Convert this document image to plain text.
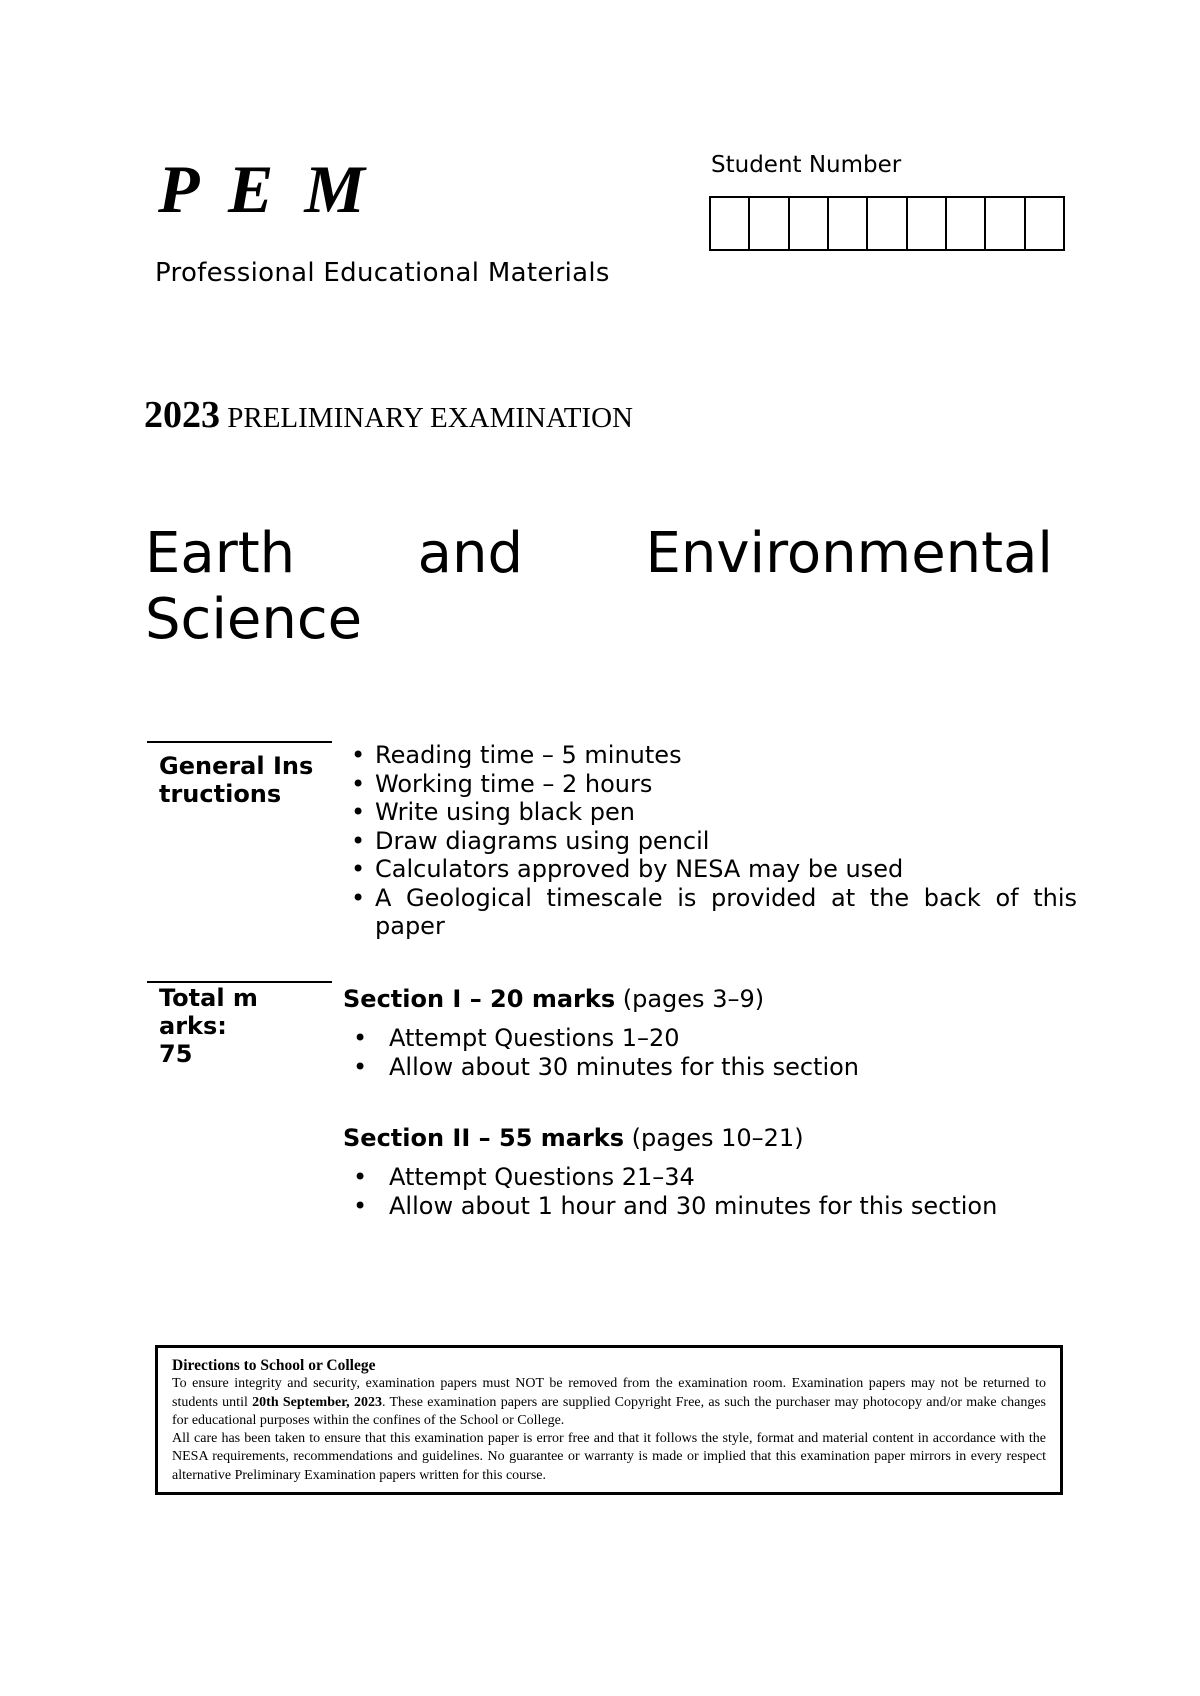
P E M
Professional Educational Materials
Student Number
2023 PRELIMINARY EXAMINATION
Earth and Environmental
Science
General Instructions
• Reading time – 5 minutes
• Working time – 2 hours
• Write using black pen
• Draw diagrams using pencil
• Calculators approved by NESA may be used
• A Geological timescale is provided at the back of this paper
Total marks:
75
Section I – 20 marks (pages 3–9)
• Attempt Questions 1–20
• Allow about 30 minutes for this section
Section II – 55 marks (pages 10–21)
• Attempt Questions 21–34
• Allow about 1 hour and 30 minutes for this section
Directions to School or College

To ensure integrity and security, examination papers must NOT be removed from the examination room. Examination papers may not be returned to students until 20th September, 2023. These examination papers are supplied Copyright Free, as such the purchaser may photocopy and/or make changes for educational purposes within the confines of the School or College.

All care has been taken to ensure that this examination paper is error free and that it follows the style, format and material content in accordance with the NESA requirements, recommendations and guidelines. No guarantee or warranty is made or implied that this examination paper mirrors in every respect alternative Preliminary Examination papers written for this course.
